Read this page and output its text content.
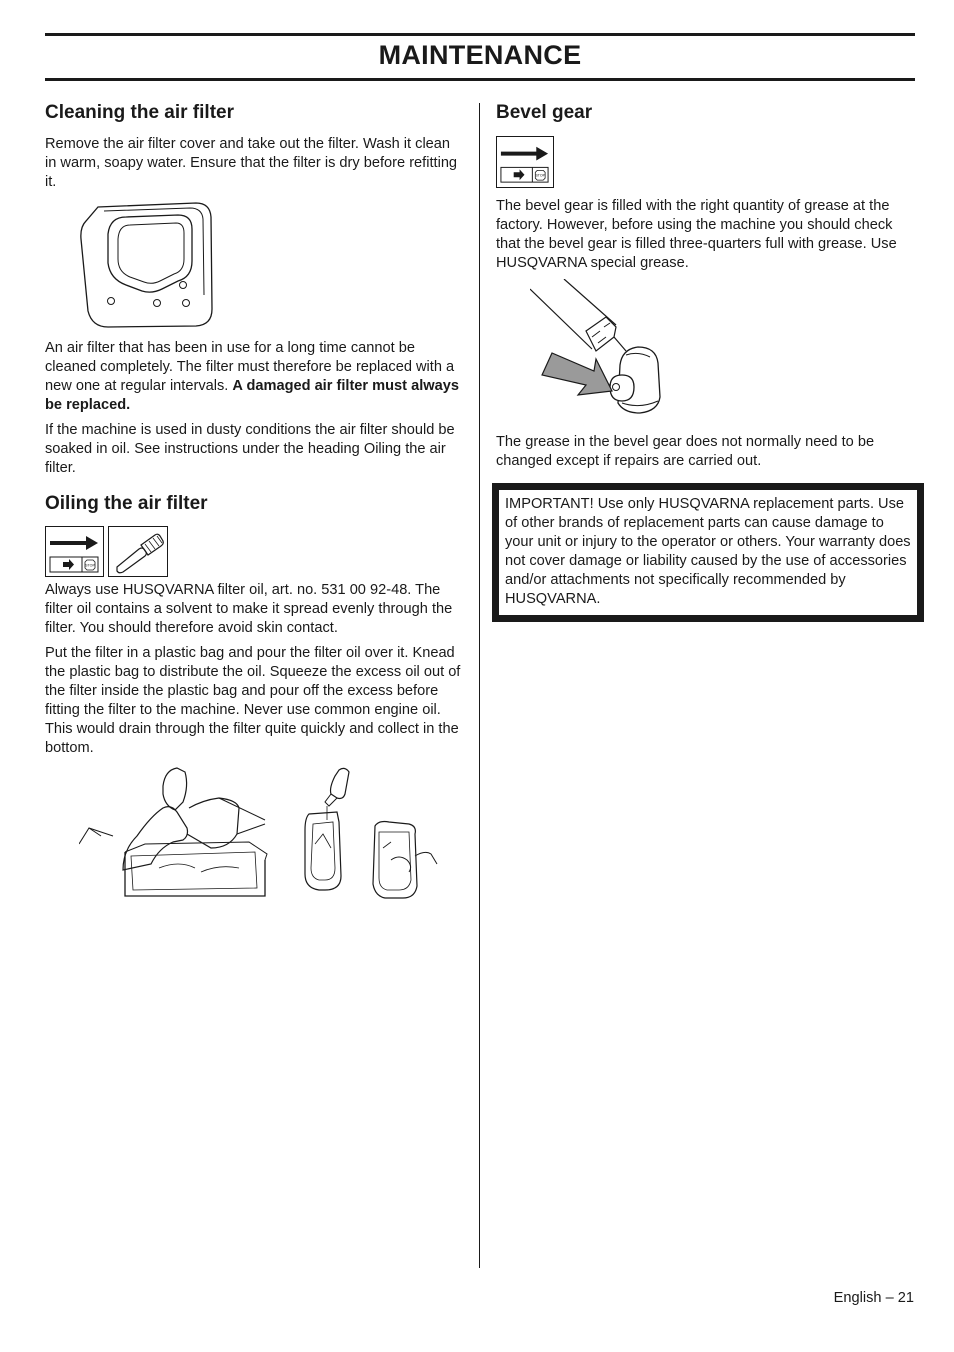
MAINTENANCE
Cleaning the air filter

Remove the air filter cover and take out the filter. Wash it clean in warm, soapy water. Ensure that the filter is dry before refitting it.

An air filter that has been in use for a long time cannot be cleaned completely. The filter must therefore be replaced with a new one at regular intervals. A damaged air filter must always be replaced.

If the machine is used in dusty conditions the air filter should be soaked in oil. See instructions under the heading Oiling the air filter.

Oiling the air filter
STOP

Always use HUSQVARNA filter oil, art. no. 531 00 92-48. The filter oil contains a solvent to make it spread evenly through the filter. You should therefore avoid skin contact.

Put the filter in a plastic bag and pour the filter oil over it. Knead the plastic bag to distribute the oil. Squeeze the excess oil out of the filter inside the plastic bag and pour off the excess before fitting the filter to the machine. Never use common engine oil. This would drain through the filter quite quickly and collect in the bottom.

Bevel gear
STOP

The bevel gear is filled with the right quantity of grease at the factory. However, before using the machine you should check that the bevel gear is filled three-quarters full with grease. Use HUSQVARNA special grease.

The grease in the bevel gear does not normally need to be changed except if repairs are carried out.

IMPORTANT! Use only HUSQVARNA replacement parts. Use of other brands of replacement parts can cause damage to your unit or injury to the operator or others. Your warranty does not cover damage or liability caused by the use of accessories and/or attachments not specifically recommended by HUSQVARNA.

English – 21
